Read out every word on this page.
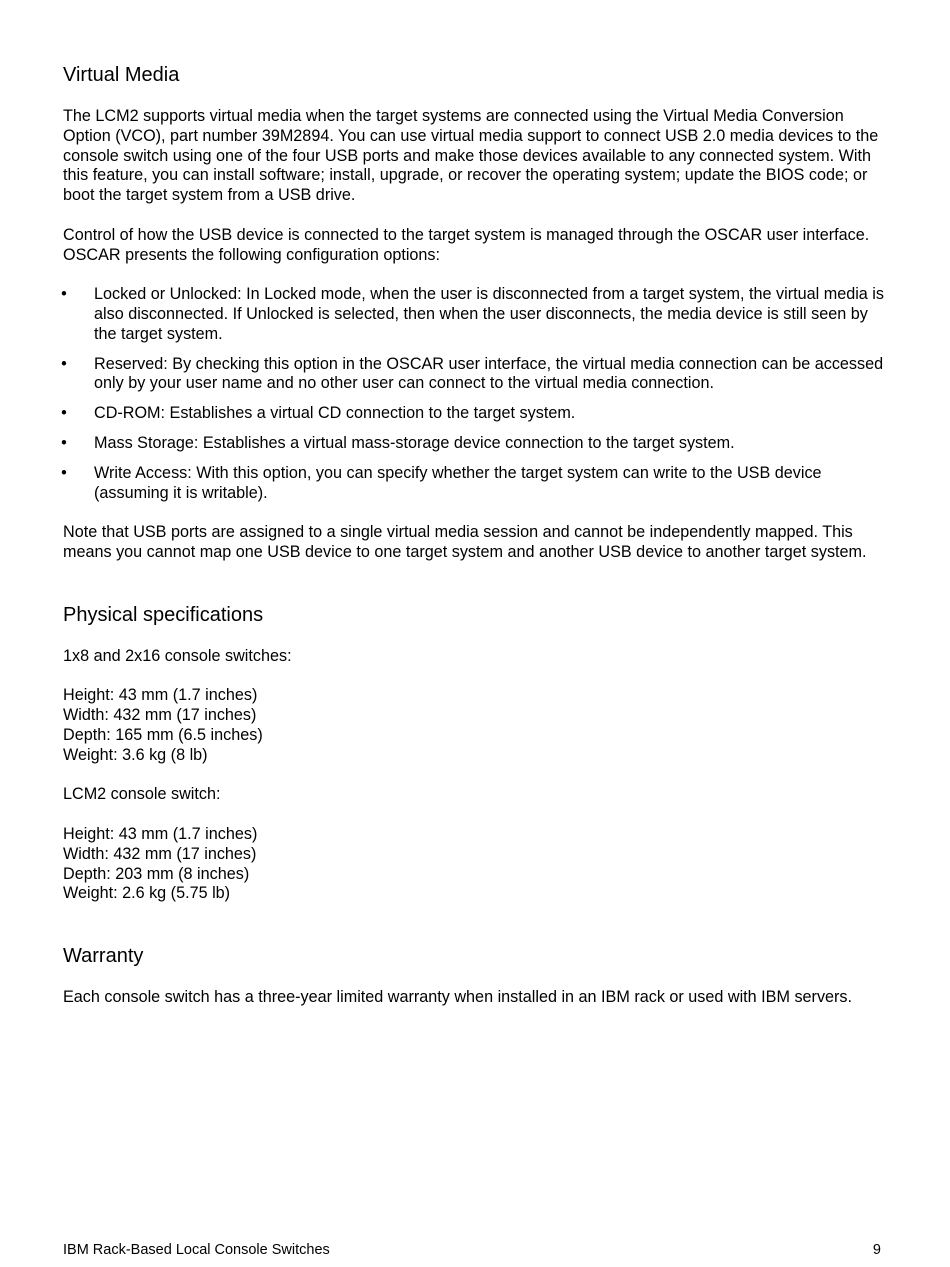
Virtual Media

The LCM2 supports virtual media when the target systems are connected using the Virtual Media Conversion Option (VCO), part number 39M2894. You can use virtual media support to connect USB 2.0 media devices to the console switch using one of the four USB ports and make those devices available to any connected system. With this feature, you can install software; install, upgrade, or recover the operating system; update the BIOS code; or boot the target system from a USB drive.

Control of how the USB device is connected to the target system is managed through the OSCAR user interface. OSCAR presents the following configuration options:

• Locked or Unlocked: In Locked mode, when the user is disconnected from a target system, the virtual media is also disconnected. If Unlocked is selected, then when the user disconnects, the media device is still seen by the target system.
• Reserved: By checking this option in the OSCAR user interface, the virtual media connection can be accessed only by your user name and no other user can connect to the virtual media connection.
• CD-ROM: Establishes a virtual CD connection to the target system.
• Mass Storage: Establishes a virtual mass-storage device connection to the target system.
• Write Access: With this option, you can specify whether the target system can write to the USB device (assuming it is writable).

Note that USB ports are assigned to a single virtual media session and cannot be independently mapped. This means you cannot map one USB device to one target system and another USB device to another target system.

Physical specifications

1x8 and 2x16 console switches:

Height: 43 mm (1.7 inches)
Width: 432 mm (17 inches)
Depth: 165 mm (6.5 inches)
Weight: 3.6 kg (8 lb)

LCM2 console switch:

Height: 43 mm (1.7 inches)
Width: 432 mm (17 inches)
Depth: 203 mm (8 inches)
Weight: 2.6 kg (5.75 lb)

Warranty

Each console switch has a three-year limited warranty when installed in an IBM rack or used with IBM servers.

IBM Rack-Based Local Console Switches	9
